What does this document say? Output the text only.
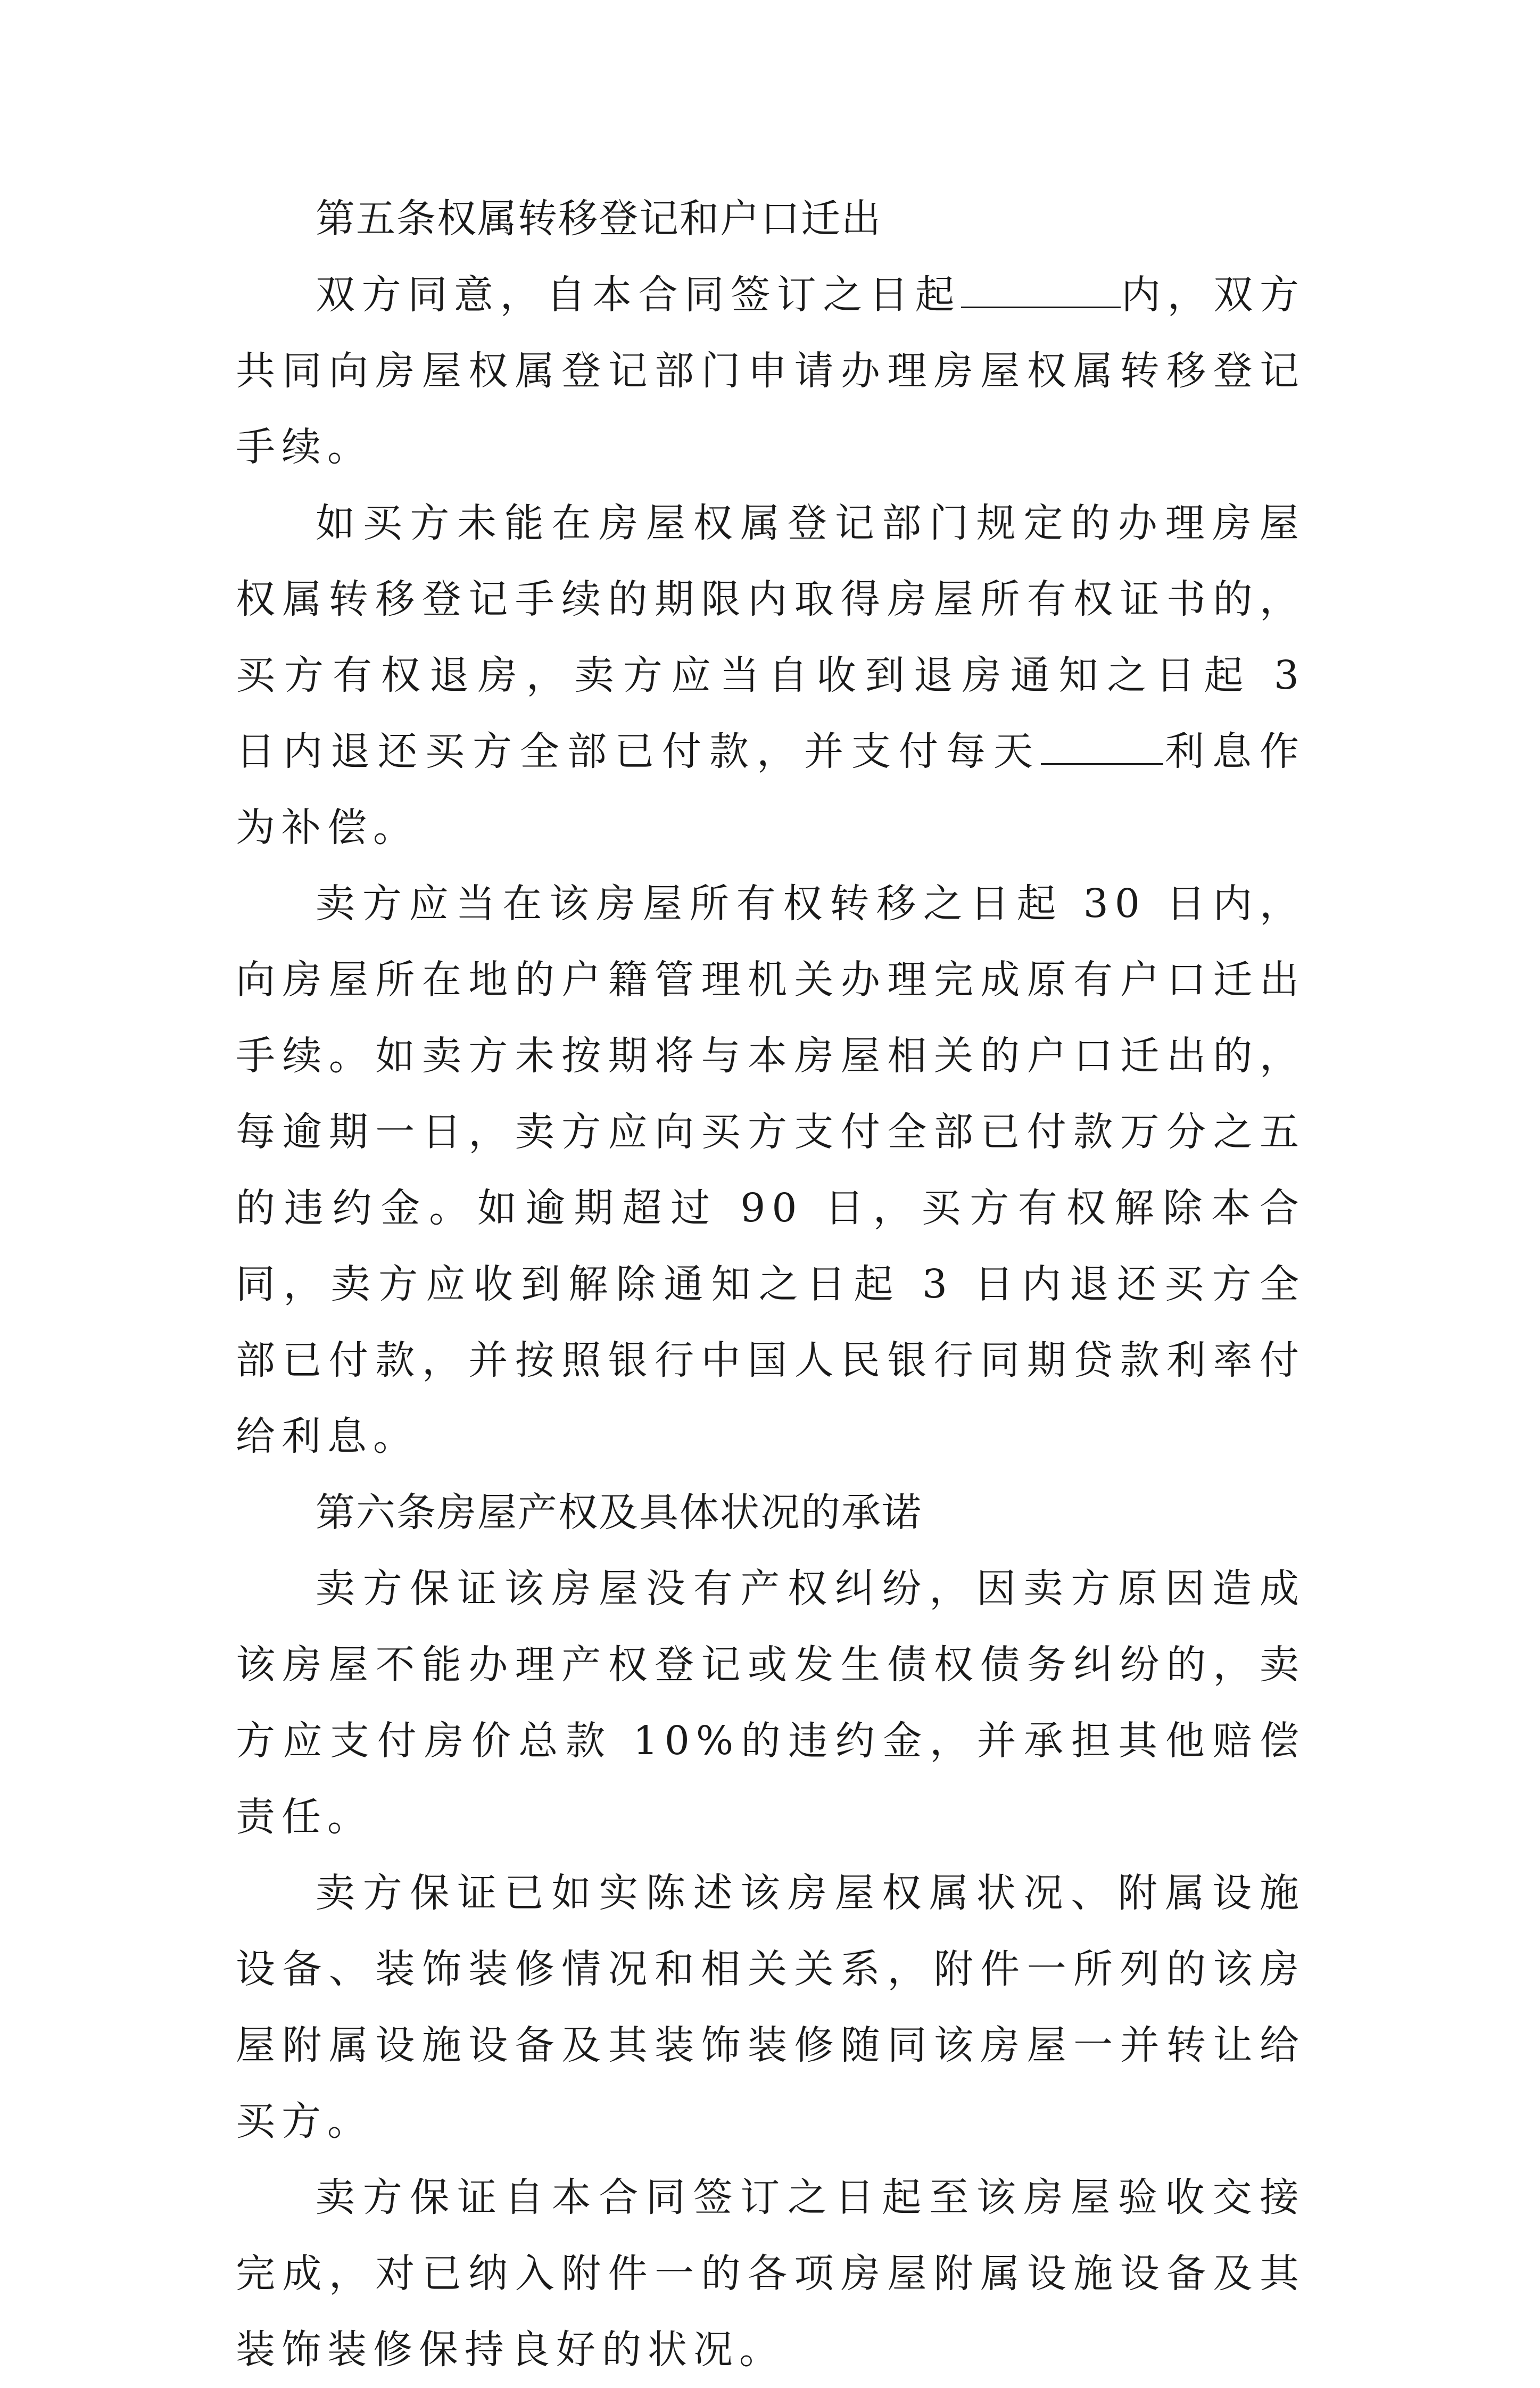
第五条权属转移登记和户口迁出

双方同意，自本合同签订之日起	内，双方共同向房屋权属登记部门申请办理房屋权属转移登记手续。

如买方未能在房屋权属登记部门规定的办理房屋权属转移登记手续的期限内取得房屋所有权证书的，买方有权退房，卖方应当自收到退房通知之日起 3 日内退还买方全部已付款，并支付每天	利息作为补偿。

卖方应当在该房屋所有权转移之日起 30 日内，向房屋所在地的户籍管理机关办理完成原有户口迁出手续。如卖方未按期将与本房屋相关的户口迁出的，每逾期一日，卖方应向买方支付全部已付款万分之五的违约金。如逾期超过 90 日，买方有权解除本合同，卖方应收到解除通知之日起 3 日内退还买方全部已付款，并按照银行中国人民银行同期贷款利率付给利息。

第六条房屋产权及具体状况的承诺

卖方保证该房屋没有产权纠纷，因卖方原因造成该房屋不能办理产权登记或发生债权债务纠纷的，卖方应支付房价总款 10%的违约金，并承担其他赔偿责任。

卖方保证已如实陈述该房屋权属状况、附属设施设备、装饰装修情况和相关关系，附件一所列的该房屋附属设施设备及其装饰装修随同该房屋一并转让给买方。

卖方保证自本合同签订之日起至该房屋验收交接完成，对已纳入附件一的各项房屋附属设施设备及其装饰装修保持良好的状况。
